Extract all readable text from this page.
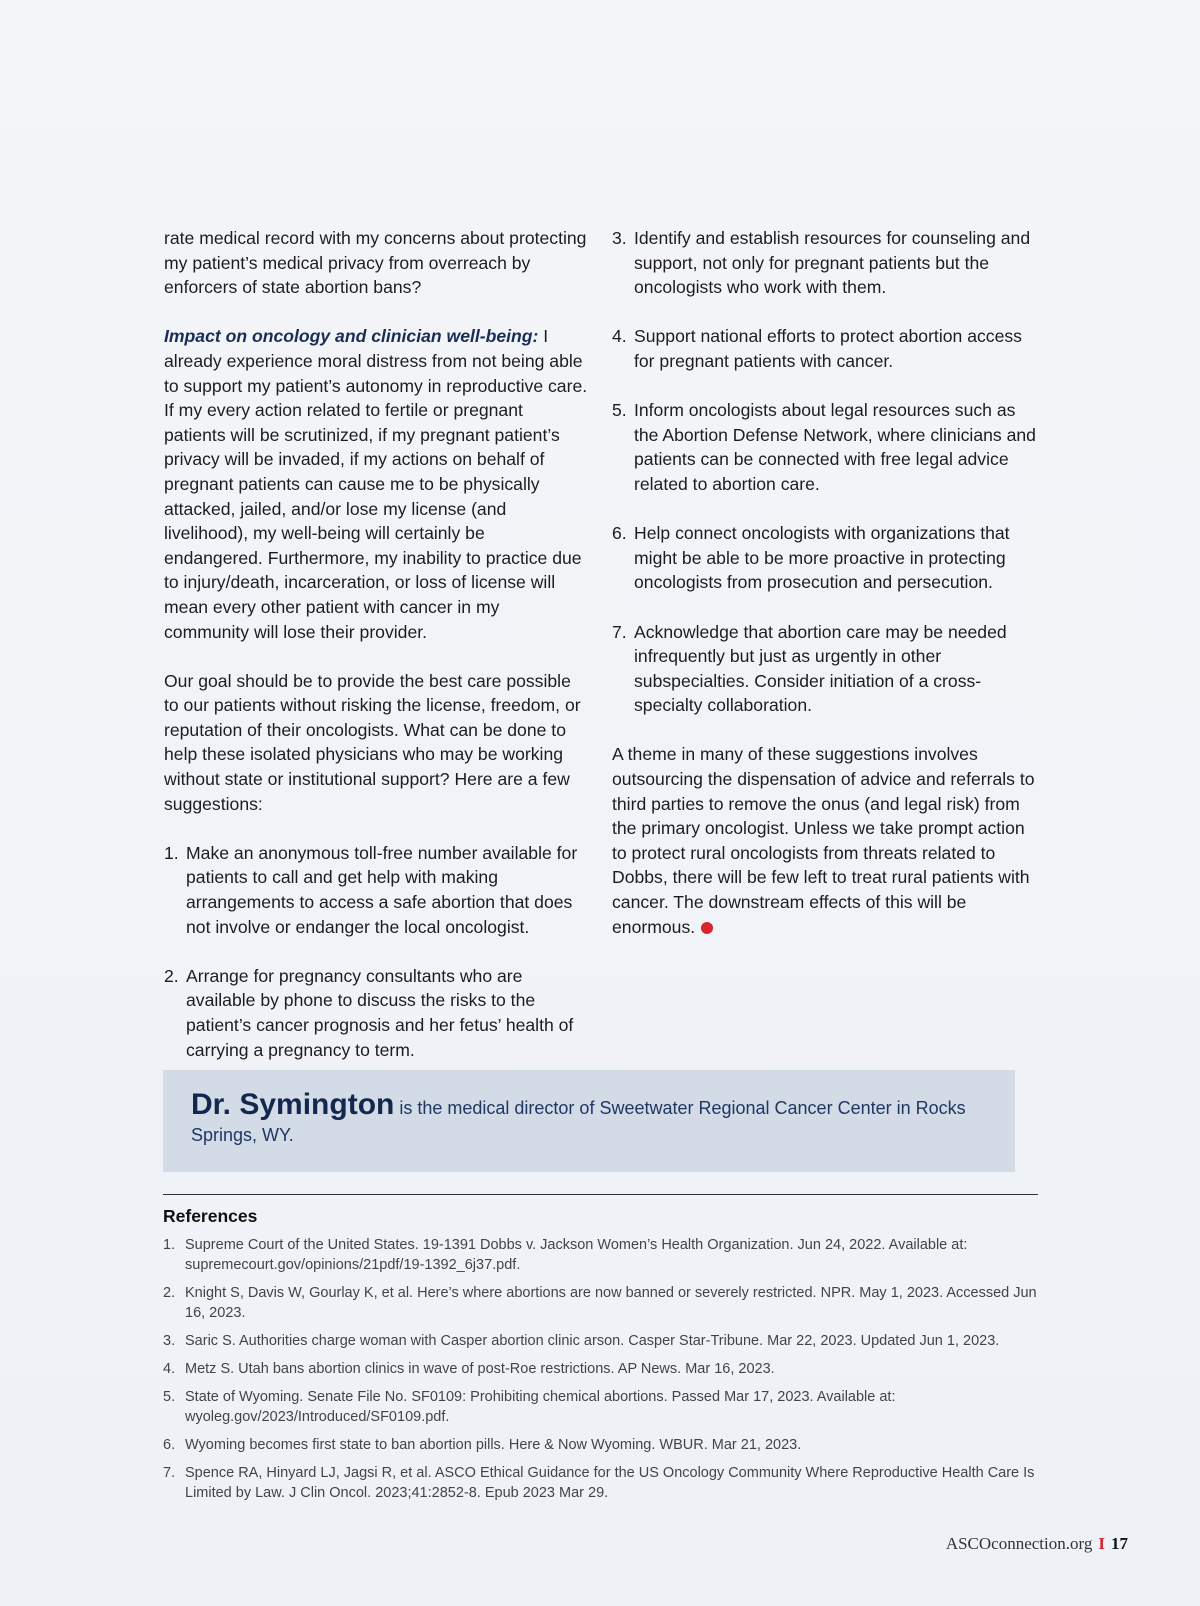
rate medical record with my concerns about protecting my patient’s medical privacy from overreach by enforcers of state abortion bans?

Impact on oncology and clinician well-being: I already experience moral distress from not being able to support my patient’s autonomy in reproductive care. If my every action related to fertile or pregnant patients will be scrutinized, if my pregnant patient’s privacy will be invaded, if my actions on behalf of pregnant patients can cause me to be physically attacked, jailed, and/or lose my license (and livelihood), my well-being will certainly be endangered. Furthermore, my inability to practice due to injury/death, incarceration, or loss of license will mean every other patient with cancer in my community will lose their provider.

Our goal should be to provide the best care possible to our patients without risking the license, freedom, or reputation of their oncologists. What can be done to help these isolated physicians who may be working without state or institutional support? Here are a few suggestions:

1. Make an anonymous toll-free number available for patients to call and get help with making arrangements to access a safe abortion that does not involve or endanger the local oncologist.
2. Arrange for pregnancy consultants who are available by phone to discuss the risks to the patient’s cancer prognosis and her fetus’ health of carrying a pregnancy to term.
3. Identify and establish resources for counseling and support, not only for pregnant patients but the oncologists who work with them.
4. Support national efforts to protect abortion access for pregnant patients with cancer.
5. Inform oncologists about legal resources such as the Abortion Defense Network, where clinicians and patients can be connected with free legal advice related to abortion care.
6. Help connect oncologists with organizations that might be able to be more proactive in protecting oncologists from prosecution and persecution.
7. Acknowledge that abortion care may be needed infrequently but just as urgently in other subspecialties. Consider initiation of a cross-specialty collaboration.

A theme in many of these suggestions involves outsourcing the dispensation of advice and referrals to third parties to remove the onus (and legal risk) from the primary oncologist. Unless we take prompt action to protect rural oncologists from threats related to Dobbs, there will be few left to treat rural patients with cancer. The downstream effects of this will be enormous.

Dr. Symington is the medical director of Sweetwater Regional Cancer Center in Rocks Springs, WY.
References
1. Supreme Court of the United States. 19-1391 Dobbs v. Jackson Women’s Health Organization. Jun 24, 2022. Available at: supremecourt.gov/opinions/21pdf/19-1392_6j37.pdf.
2. Knight S, Davis W, Gourlay K, et al. Here’s where abortions are now banned or severely restricted. NPR. May 1, 2023. Accessed Jun 16, 2023.
3. Saric S. Authorities charge woman with Casper abortion clinic arson. Casper Star-Tribune. Mar 22, 2023. Updated Jun 1, 2023.
4. Metz S. Utah bans abortion clinics in wave of post-Roe restrictions. AP News. Mar 16, 2023.
5. State of Wyoming. Senate File No. SF0109: Prohibiting chemical abortions. Passed Mar 17, 2023. Available at: wyoleg.gov/2023/Introduced/SF0109.pdf.
6. Wyoming becomes first state to ban abortion pills. Here & Now Wyoming. WBUR. Mar 21, 2023.
7. Spence RA, Hinyard LJ, Jagsi R, et al. ASCO Ethical Guidance for the US Oncology Community Where Reproductive Health Care Is Limited by Law. J Clin Oncol. 2023;41:2852-8. Epub 2023 Mar 29.
ASCOconnection.org I 17
